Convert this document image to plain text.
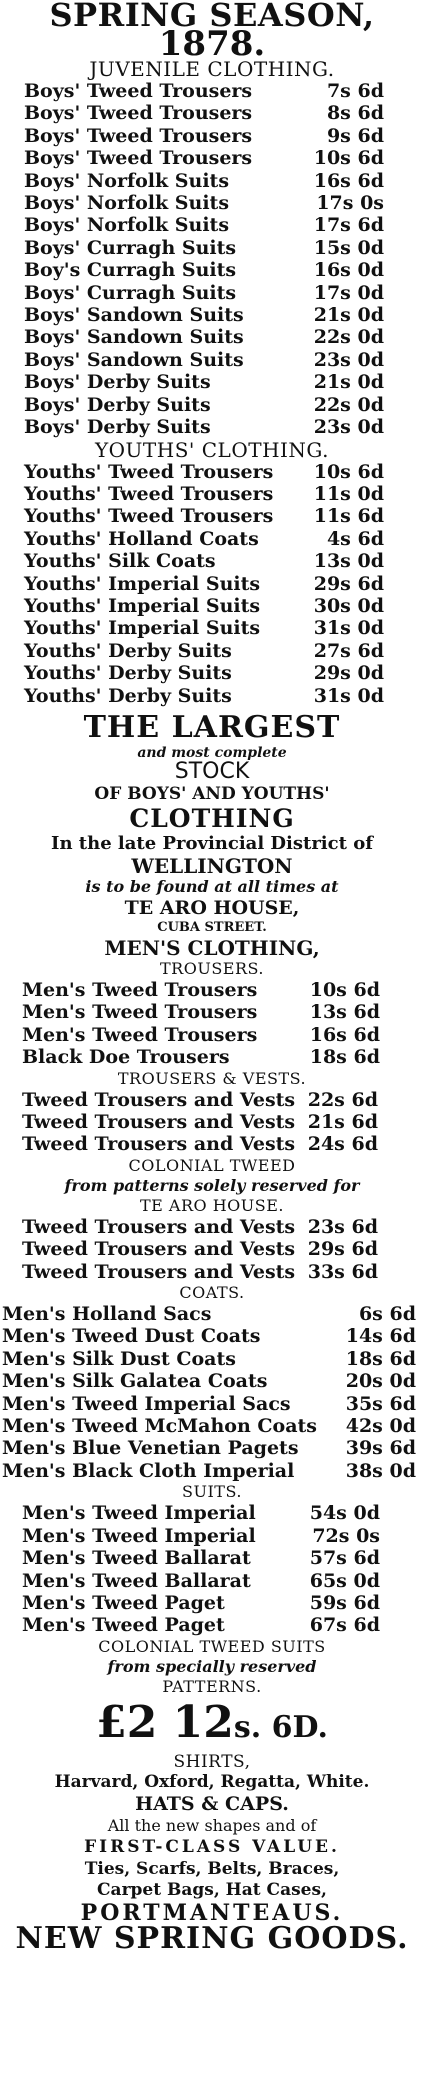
SPRING SEASON,
1878.
JUVENILE CLOTHING.
Boys' Tweed Trousers	7s 6d
Boys' Tweed Trousers	8s 6d
Boys' Tweed Trousers	9s 6d
Boys' Tweed Trousers	10s 6d
Boys' Norfolk Suits	16s 6d
Boys' Norfolk Suits	17s 0s
Boys' Norfolk Suits	17s 6d
Boys' Curragh Suits	15s 0d
Boy's Curragh Suits	16s 0d
Boys' Curragh Suits	17s 0d
Boys' Sandown Suits	21s 0d
Boys' Sandown Suits	22s 0d
Boys' Sandown Suits	23s 0d
Boys' Derby Suits	21s 0d
Boys' Derby Suits	22s 0d
Boys' Derby Suits	23s 0d
YOUTHS' CLOTHING.
Youths' Tweed Trousers	10s 6d
Youths' Tweed Trousers	11s 0d
Youths' Tweed Trousers	11s 6d
Youths' Holland Coats	4s 6d
Youths' Silk Coats	13s 0d
Youths' Imperial Suits	29s 6d
Youths' Imperial Suits	30s 0d
Youths' Imperial Suits	31s 0d
Youths' Derby Suits	27s 6d
Youths' Derby Suits	29s 0d
Youths' Derby Suits	31s 0d
THE LARGEST
and most complete
STOCK
OF BOYS' AND YOUTHS'
CLOTHING
In the late Provincial District of
WELLINGTON
is to be found at all times at
TE ARO HOUSE,
CUBA STREET.
MEN'S CLOTHING,
TROUSERS.
Men's Tweed Trousers	10s 6d
Men's Tweed Trousers	13s 6d
Men's Tweed Trousers	16s 6d
Black Doe Trousers	18s 6d
TROUSERS & VESTS.
Tweed Trousers and Vests 22s 6d
Tweed Trousers and Vests 21s 6d
Tweed Trousers and Vests 24s 6d
COLONIAL TWEED
from patterns solely reserved for
TE ARO HOUSE.
Tweed Trousers and Vests 23s 6d
Tweed Trousers and Vests 29s 6d
Tweed Trousers and Vests 33s 6d
COATS.
Men's Holland Sacs	6s 6d
Men's Tweed Dust Coats	14s 6d
Men's Silk Dust Coats	18s 6d
Men's Silk Galatea Coats	20s 0d
Men's Tweed Imperial Sacs	35s 6d
Men's Tweed McMahon Coats	42s 0d
Men's Blue Venetian Pagets	39s 6d
Men's Black Cloth Imperial	38s 0d
SUITS.
Men's Tweed Imperial	54s 0d
Men's Tweed Imperial	72s 0s
Men's Tweed Ballarat	57s 6d
Men's Tweed Ballarat	65s 0d
Men's Tweed Paget	59s 6d
Men's Tweed Paget	67s 6d
COLONIAL TWEED SUITS
from specially reserved
PATTERNS.
£2 12s. 6D.
SHIRTS,
Harvard, Oxford, Regatta, White.
HATS & CAPS.
All the new shapes and of
FIRST-CLASS VALUE.
Ties, Scarfs, Belts, Braces,
Carpet Bags, Hat Cases,
PORTMANTEAUS.
NEW SPRING GOODS.
